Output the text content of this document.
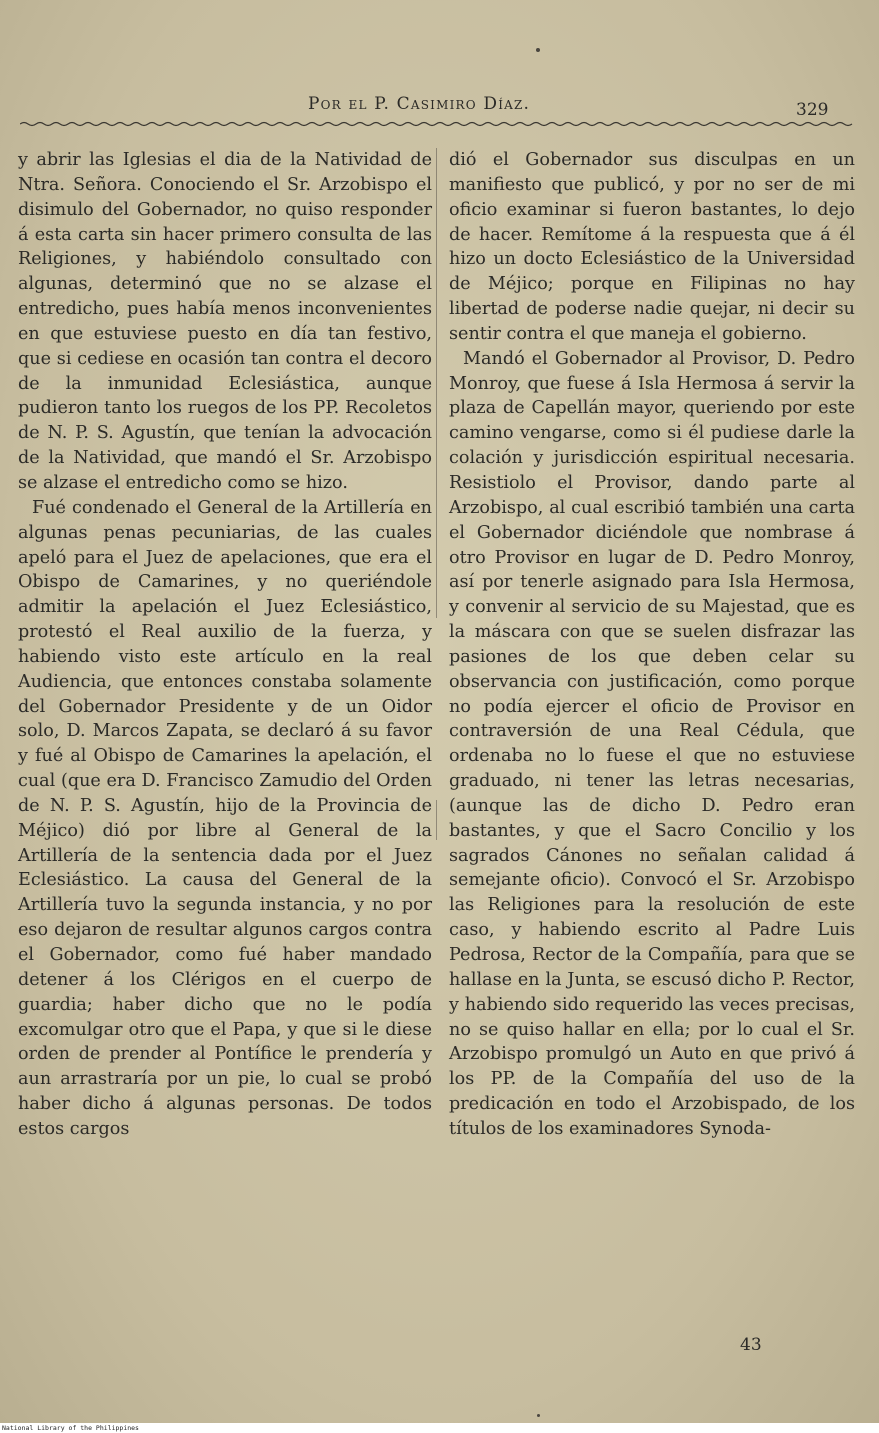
Por el P. Casimiro Díaz.	329

y abrir las Iglesias el dia de la Natividad de Ntra. Señora. Conociendo el Sr. Arzobispo el disimulo del Gobernador, no quiso responder á esta carta sin hacer primero consulta de las Religiones, y habiéndolo consultado con algunas, determinó que no se alzase el entredicho, pues había menos inconvenientes en que estuviese puesto en día tan festivo, que si cediese en ocasión tan contra el decoro de la inmunidad Eclesiástica, aunque pudieron tanto los ruegos de los PP. Recoletos de N. P. S. Agustín, que tenían la advocación de la Natividad, que mandó el Sr. Arzobispo se alzase el entredicho como se hizo.

Fué condenado el General de la Artillería en algunas penas pecuniarias, de las cuales apeló para el Juez de apelaciones, que era el Obispo de Camarines, y no queriéndole admitir la apelación el Juez Eclesiástico, protestó el Real auxilio de la fuerza, y habiendo visto este artículo en la real Audiencia, que entonces constaba solamente del Gobernador Presidente y de un Oidor solo, D. Marcos Zapata, se declaró á su favor y fué al Obispo de Camarines la apelación, el cual (que era D. Francisco Zamudio del Orden de N. P. S. Agustín, hijo de la Provincia de Méjico) dió por libre al General de la Artillería de la sentencia dada por el Juez Eclesiástico. La causa del General de la Artillería tuvo la segunda instancia, y no por eso dejaron de resultar algunos cargos contra el Gobernador, como fué haber mandado detener á los Clérigos en el cuerpo de guardia; haber dicho que no le podía excomulgar otro que el Papa, y que si le diese orden de prender al Pontífice le prendería y aun arrastraría por un pie, lo cual se probó haber dicho á algunas personas. De todos estos cargos

dió el Gobernador sus disculpas en un manifiesto que publicó, y por no ser de mi oficio examinar si fueron bastantes, lo dejo de hacer. Remítome á la respuesta que á él hizo un docto Eclesiástico de la Universidad de Méjico; porque en Filipinas no hay libertad de poderse nadie quejar, ni decir su sentir contra el que maneja el gobierno.

Mandó el Gobernador al Provisor, D. Pedro Monroy, que fuese á Isla Hermosa á servir la plaza de Capellán mayor, queriendo por este camino vengarse, como si él pudiese darle la colación y jurisdicción espiritual necesaria. Resistiolo el Provisor, dando parte al Arzobispo, al cual escribió también una carta el Gobernador diciéndole que nombrase á otro Provisor en lugar de D. Pedro Monroy, así por tenerle asignado para Isla Hermosa, y convenir al servicio de su Majestad, que es la máscara con que se suelen disfrazar las pasiones de los que deben celar su observancia con justificación, como porque no podía ejercer el oficio de Provisor en contraversión de una Real Cédula, que ordenaba no lo fuese el que no estuviese graduado, ni tener las letras necesarias, (aunque las de dicho D. Pedro eran bastantes, y que el Sacro Concilio y los sagrados Cánones no señalan calidad á semejante oficio). Convocó el Sr. Arzobispo las Religiones para la resolución de este caso, y habiendo escrito al Padre Luis Pedrosa, Rector de la Compañía, para que se hallase en la Junta, se escusó dicho P. Rector, y habiendo sido requerido las veces precisas, no se quiso hallar en ella; por lo cual el Sr. Arzobispo promulgó un Auto en que privó á los PP. de la Compañía del uso de la predicación en todo el Arzobispado, de los títulos de los examinadores Synoda-

43
National Library of the Philippines
